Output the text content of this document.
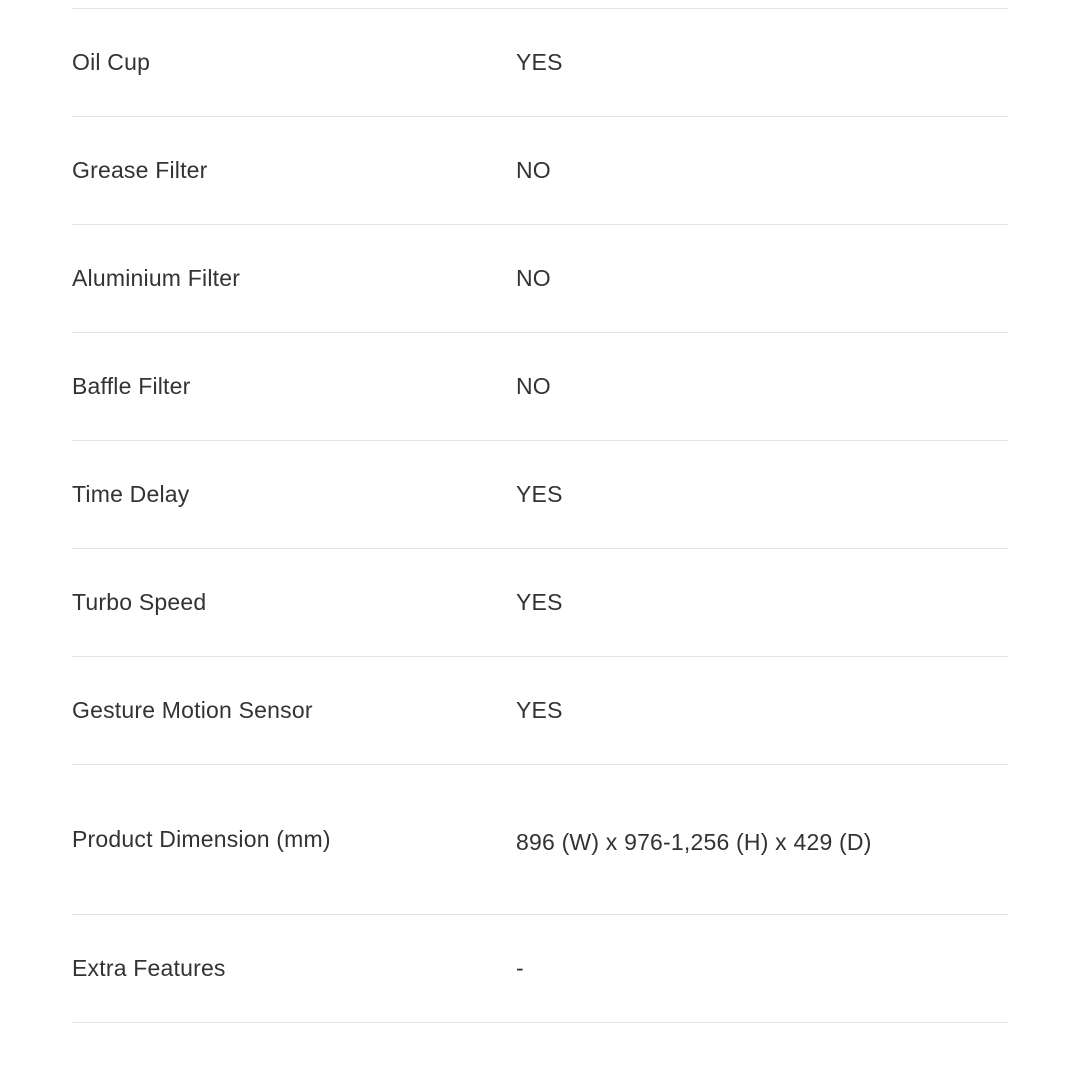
Oil Cup	YES
Grease Filter	NO
Aluminium Filter	NO
Baffle Filter	NO
Time Delay	YES
Turbo Speed	YES
Gesture Motion Sensor	YES
Product Dimension (mm)	896 (W) x 976-1,256 (H) x 429 (D)
Extra Features	-
